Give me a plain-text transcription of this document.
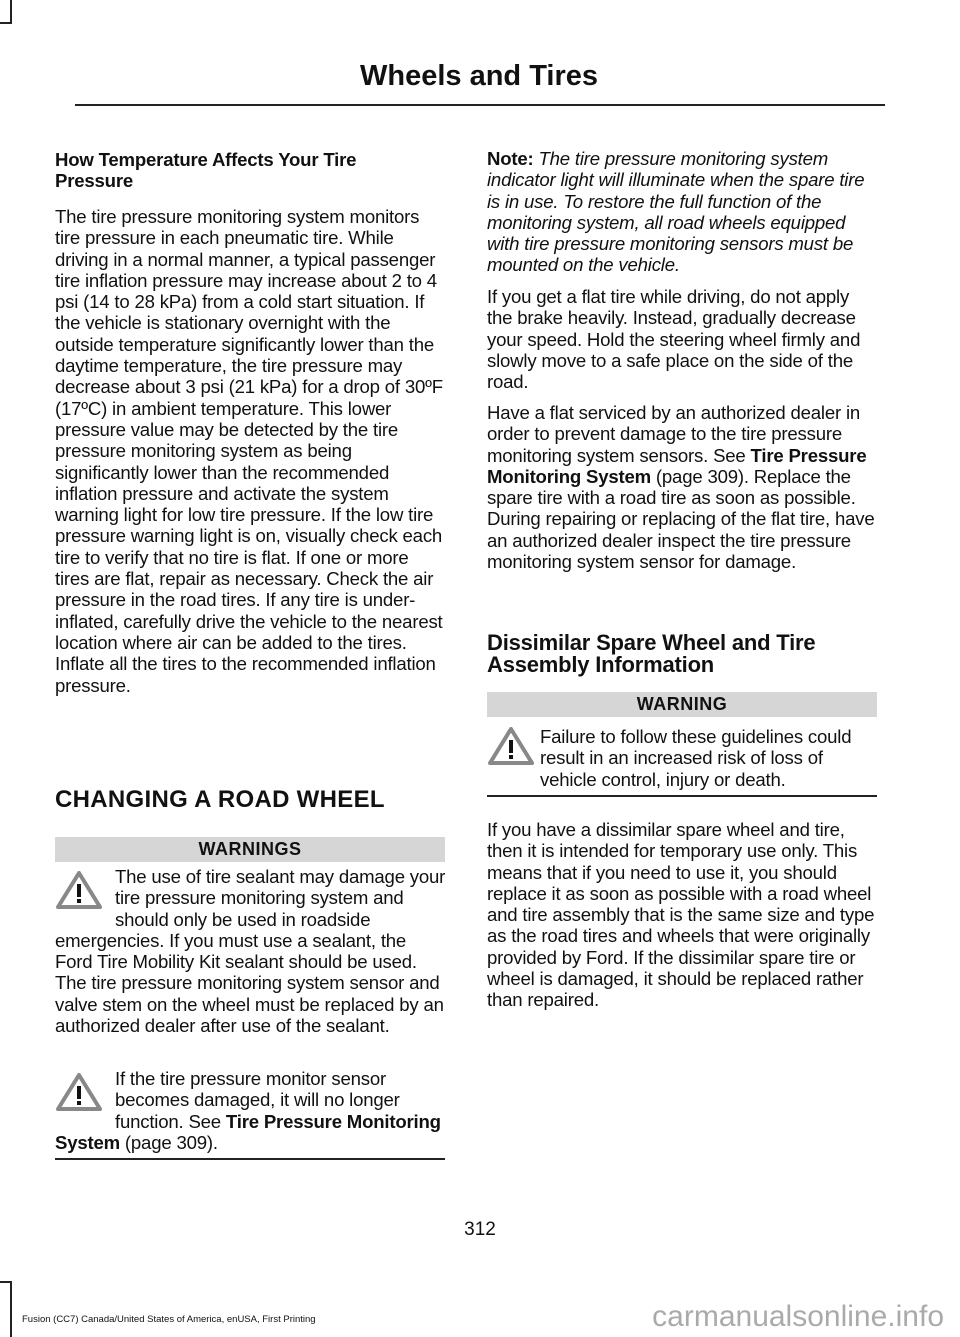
Wheels and Tires
How Temperature Affects Your Tire Pressure
The tire pressure monitoring system monitors tire pressure in each pneumatic tire. While driving in a normal manner, a typical passenger tire inflation pressure may increase about 2 to 4 psi (14 to 28 kPa) from a cold start situation. If the vehicle is stationary overnight with the outside temperature significantly lower than the daytime temperature, the tire pressure may decrease about 3 psi (21 kPa) for a drop of 30ºF (17ºC) in ambient temperature. This lower pressure value may be detected by the tire pressure monitoring system as being significantly lower than the recommended inflation pressure and activate the system warning light for low tire pressure. If the low tire pressure warning light is on, visually check each tire to verify that no tire is flat. If one or more tires are flat, repair as necessary. Check the air pressure in the road tires. If any tire is under-inflated, carefully drive the vehicle to the nearest location where air can be added to the tires. Inflate all the tires to the recommended inflation pressure.
CHANGING A ROAD WHEEL
WARNINGS
The use of tire sealant may damage your tire pressure monitoring system and should only be used in roadside emergencies. If you must use a sealant, the Ford Tire Mobility Kit sealant should be used. The tire pressure monitoring system sensor and valve stem on the wheel must be replaced by an authorized dealer after use of the sealant.
If the tire pressure monitor sensor becomes damaged, it will no longer function. See Tire Pressure Monitoring System (page 309).
Note: The tire pressure monitoring system indicator light will illuminate when the spare tire is in use. To restore the full function of the monitoring system, all road wheels equipped with tire pressure monitoring sensors must be mounted on the vehicle.
If you get a flat tire while driving, do not apply the brake heavily. Instead, gradually decrease your speed. Hold the steering wheel firmly and slowly move to a safe place on the side of the road.
Have a flat serviced by an authorized dealer in order to prevent damage to the tire pressure monitoring system sensors. See Tire Pressure Monitoring System (page 309). Replace the spare tire with a road tire as soon as possible. During repairing or replacing of the flat tire, have an authorized dealer inspect the tire pressure monitoring system sensor for damage.
Dissimilar Spare Wheel and Tire Assembly Information
WARNING
Failure to follow these guidelines could result in an increased risk of loss of vehicle control, injury or death.
If you have a dissimilar spare wheel and tire, then it is intended for temporary use only. This means that if you need to use it, you should replace it as soon as possible with a road wheel and tire assembly that is the same size and type as the road tires and wheels that were originally provided by Ford. If the dissimilar spare tire or wheel is damaged, it should be replaced rather than repaired.
312
Fusion (CC7) Canada/United States of America, enUSA, First Printing	carmanualsonline.info
